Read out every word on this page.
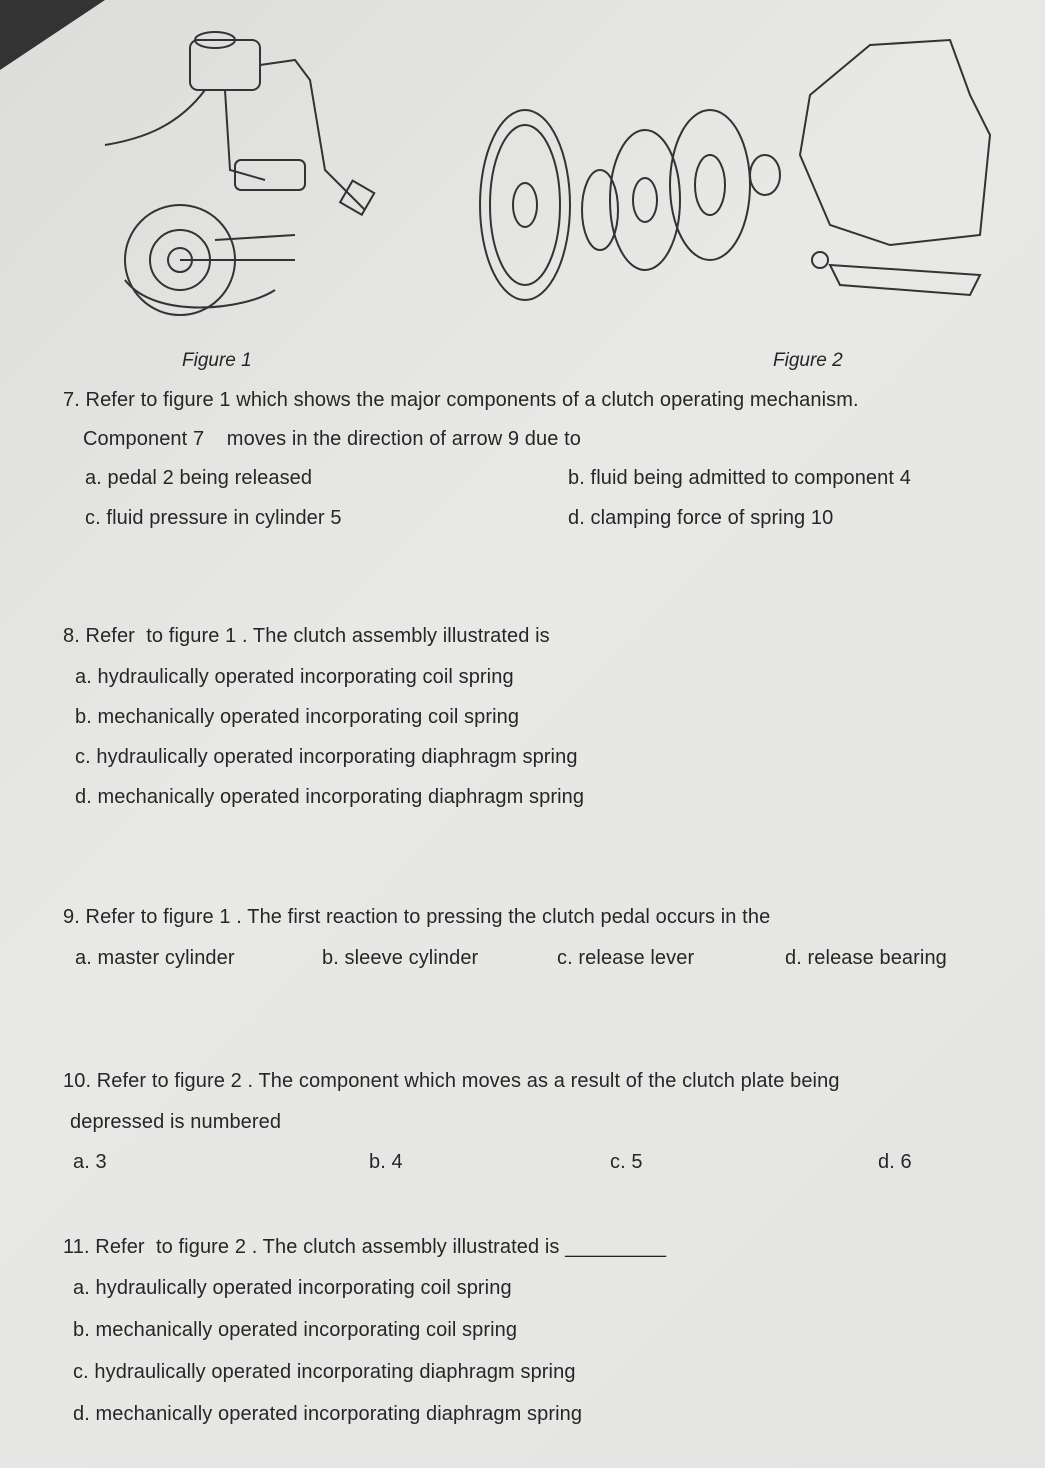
Figure 1	Figure 2
7. Refer to figure 1 which shows the major components of a clutch operating mechanism.
Component 7    moves in the direction of arrow 9 due to
a. pedal 2 being released	b. fluid being admitted to component 4
c. fluid pressure in cylinder 5	d. clamping force of spring 10
8. Refer  to figure 1 . The clutch assembly illustrated is
a. hydraulically operated incorporating coil spring
b. mechanically operated incorporating coil spring
c. hydraulically operated incorporating diaphragm spring
d. mechanically operated incorporating diaphragm spring
9. Refer to figure 1 . The first reaction to pressing the clutch pedal occurs in the
a. master cylinder	b. sleeve cylinder	c. release lever	d. release bearing
10. Refer to figure 2 . The component which moves as a result of the clutch plate being
depressed is numbered
a. 3	b. 4	c. 5	d. 6
11. Refer  to figure 2 . The clutch assembly illustrated is _________
a. hydraulically operated incorporating coil spring
b. mechanically operated incorporating coil spring
c. hydraulically operated incorporating diaphragm spring
d. mechanically operated incorporating diaphragm spring
